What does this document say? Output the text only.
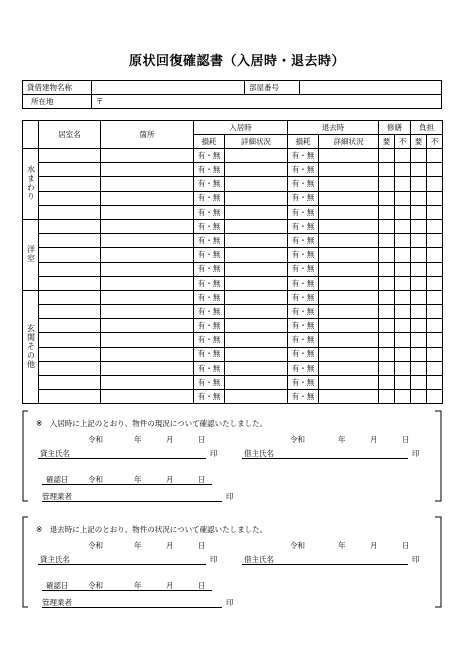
原状回復確認書（入居時・退去時）
貸借建物名称		部屋番号	
所在地	〒		
	居室名	箇所	入居時		退去時		修繕		負担	
			損耗	詳細状況	損耗	詳細状況	要	不	要	不
水まわり			有・無		有・無					
			有・無		有・無					
			有・無		有・無					
			有・無		有・無					
			有・無		有・無					
洋室			有・無		有・無					
			有・無		有・無					
			有・無		有・無					
			有・無		有・無					
			有・無		有・無					
玄関その他			有・無		有・無					
			有・無		有・無					
			有・無		有・無					
			有・無		有・無					
			有・無		有・無					
			有・無		有・無					
			有・無		有・無					
			有・無		有・無					
※　入居時に上記のとおり、物件の現況について確認いたしました。
令和	年	月	日	令和	年	月	日
貸主氏名	印	借主氏名	印
確認日	令和	年	月	日
管理業者	印
※　退去時に上記のとおり、物件の状況について確認いたしました。
令和	年	月	日	令和	年	月	日
貸主氏名	印	借主氏名	印
確認日	令和	年	月	日
管理業者	印
